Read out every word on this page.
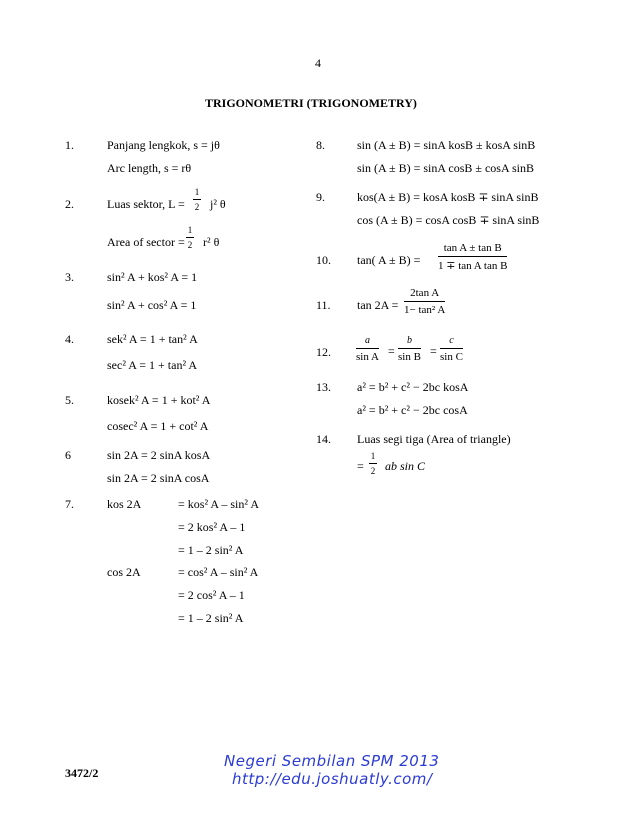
4
TRIGONOMETRI (TRIGONOMETRY)
1.	Panjang lengkok, s = jθ
Arc length, s = rθ
2.	Luas sektor, L =
1
2 j² θ
Area of sector =
1
2 r² θ
3.	sin² A + kos² A = 1
sin² A + cos² A = 1
4.	sek² A = 1 + tan² A
sec² A = 1 + tan² A
5.	kosek² A = 1 + kot² A
cosec² A = 1 + cot² A
6	sin 2A = 2 sinA kosA
sin 2A = 2 sinA cosA
7.	kos 2A	= kos² A – sin² A
= 2 kos² A – 1
= 1 – 2 sin² A
cos 2A	= cos² A – sin² A
= 2 cos² A – 1
= 1 – 2 sin² A
8.	sin (A ± B) = sinA kosB ± kosA sinB
sin (A ± B) = sinA cosB ± cosA sinB
9.	kos(A ± B) = kosA kosB ∓ sinA sinB
cos (A ± B) = cosA cosB ∓ sinA sinB
10. tan( A ± B) =
tan A ± tan B
1 ∓ tan A tan B
11. tan 2A =
2tan A
1− tan² A
12.
a
sin A =
b
sin B =
c
sin C
13. a² = b² + c² − 2bc kosA
a² = b² + c² − 2bc cosA
14. Luas segi tiga (Area of triangle)
=
1
2 ab sin C
3472/2
Negeri Sembilan SPM 2013
http://edu.joshuatly.com/
